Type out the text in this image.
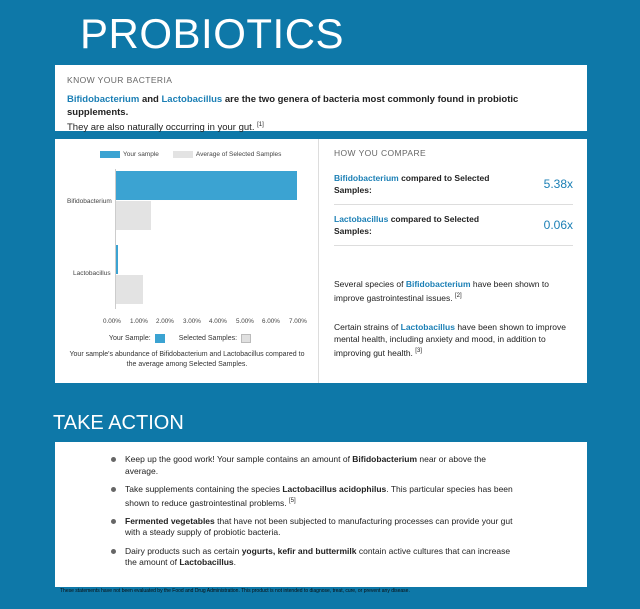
PROBIOTICS
KNOW YOUR BACTERIA
Bifidobacterium and Lactobacillus are the two genera of bacteria most commonly found in probiotic supplements.
They are also naturally occurring in your gut. [1]
Your sample	Average of Selected Samples
Bifidobacterium
Lactobacillus
0.00% 1.00% 2.00% 3.00% 4.00% 5.00% 6.00% 7.00%
Your Sample:	Selected Samples:
Your sample's abundance of Bifidobacterium and Lactobacillus compared to the average among Selected Samples.
HOW YOU COMPARE
Bifidobacterium compared to Selected Samples:	5.38x
Lactobacillus compared to Selected Samples:	0.06x

Several species of Bifidobacterium have been shown to improve gastrointestinal issues. [2]

Certain strains of Lactobacillus have been shown to improve mental health, including anxiety and mood, in addition to improving gut health. [3]

TAKE ACTION
Keep up the good work! Your sample contains an amount of Bifidobacterium near or above the average.
Take supplements containing the species Lactobacillus acidophilus. This particular species has been shown to reduce gastrointestinal problems. [5]
Fermented vegetables that have not been subjected to manufacturing processes can provide your gut with a steady supply of probiotic bacteria.
Dairy products such as certain yogurts, kefir and buttermilk contain active cultures that can increase the amount of Lactobacillus.
These statements have not been evaluated by the Food and Drug Administration. This product is not intended to diagnose, treat, cure, or prevent any disease.
